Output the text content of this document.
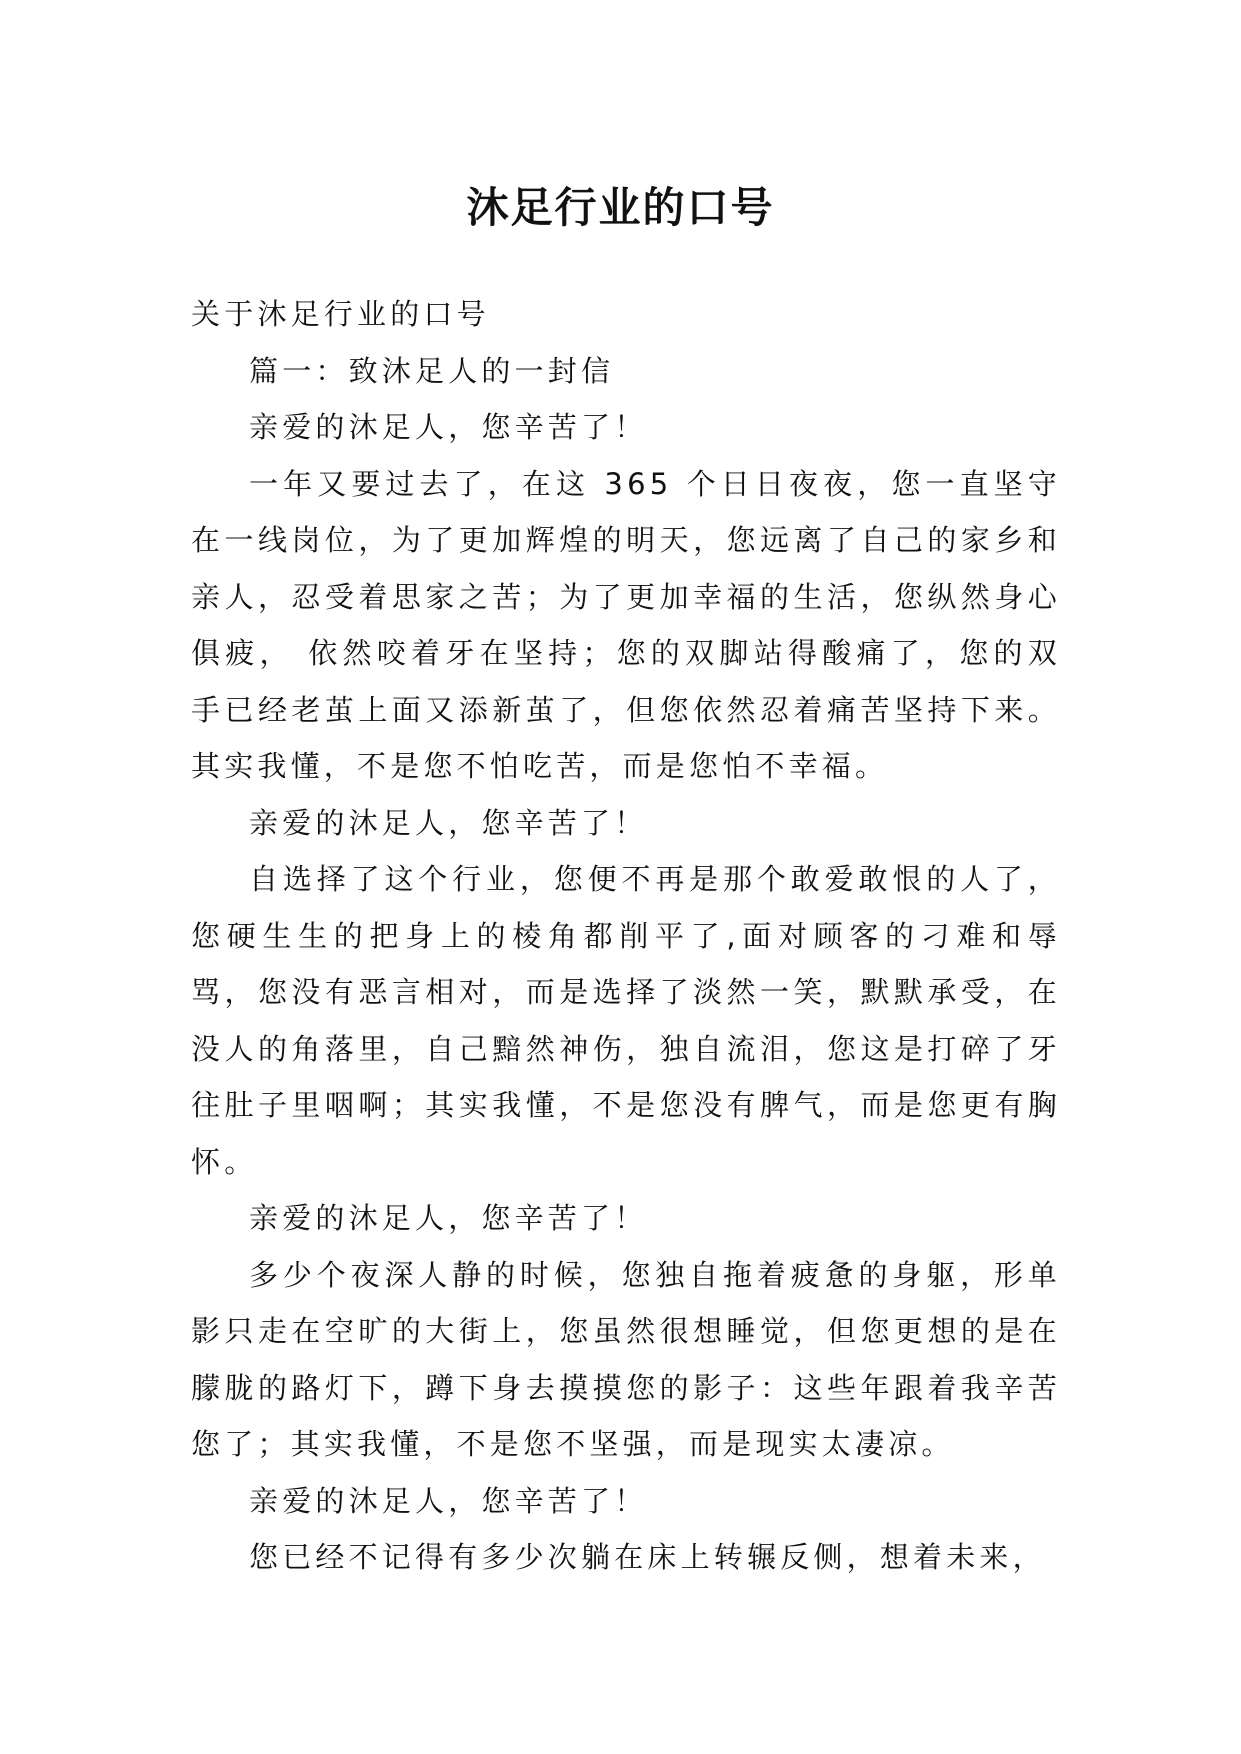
沐足行业的口号

关于沐足行业的口号

篇一：致沐足人的一封信

亲爱的沐足人，您辛苦了！

一年又要过去了，在这 365 个日日夜夜，您一直坚守在一线岗位，为了更加辉煌的明天，您远离了自己的家乡和亲人，忍受着思家之苦；为了更加幸福的生活，您纵然身心俱疲， 依然咬着牙在坚持；您的双脚站得酸痛了，您的双手已经老茧上面又添新茧了，但您依然忍着痛苦坚持下来。其实我懂，不是您不怕吃苦，而是您怕不幸福。

亲爱的沐足人，您辛苦了！

自选择了这个行业，您便不再是那个敢爱敢恨的人了，您硬生生的把身上的棱角都削平了,面对顾客的刁难和辱骂，您没有恶言相对，而是选择了淡然一笑，默默承受，在没人的角落里，自己黯然神伤，独自流泪，您这是打碎了牙往肚子里咽啊；其实我懂，不是您没有脾气，而是您更有胸怀。

亲爱的沐足人，您辛苦了！

多少个夜深人静的时候，您独自拖着疲惫的身躯，形单影只走在空旷的大街上，您虽然很想睡觉，但您更想的是在朦胧的路灯下，蹲下身去摸摸您的影子：这些年跟着我辛苦您了；其实我懂，不是您不坚强，而是现实太凄凉。

亲爱的沐足人，您辛苦了！

您已经不记得有多少次躺在床上转辗反侧，想着未来，
